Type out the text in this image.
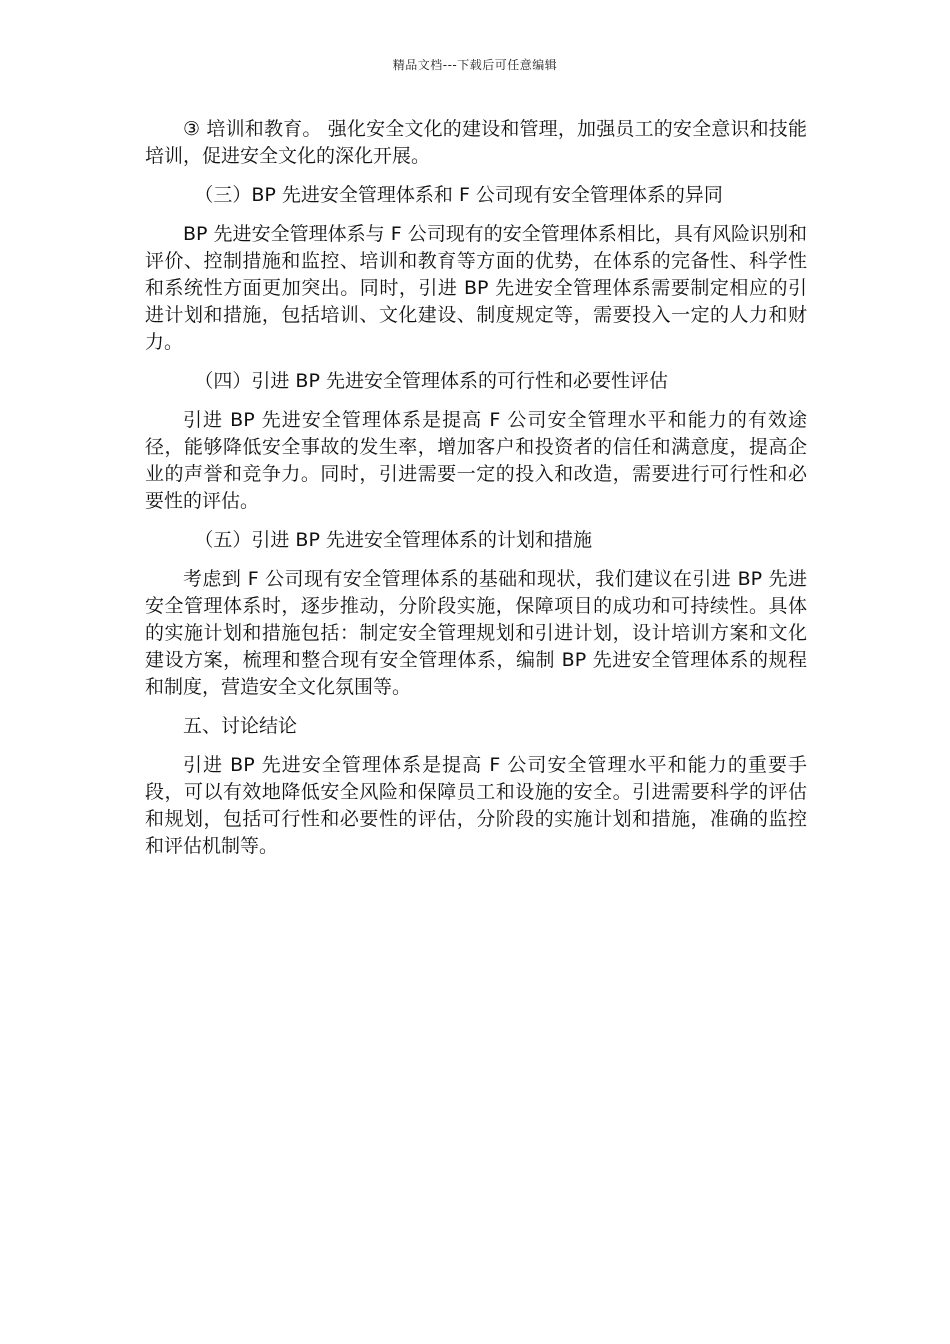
精品文档---下载后可任意编辑

③ 培训和教育。 强化安全文化的建设和管理，加强员工的安全意识和技能培训，促进安全文化的深化开展。

（三）BP 先进安全管理体系和 F 公司现有安全管理体系的异同

BP 先进安全管理体系与 F 公司现有的安全管理体系相比，具有风险识别和评价、控制措施和监控、培训和教育等方面的优势，在体系的完备性、科学性和系统性方面更加突出。同时，引进 BP 先进安全管理体系需要制定相应的引进计划和措施，包括培训、文化建设、制度规定等，需要投入一定的人力和财力。

（四）引进 BP 先进安全管理体系的可行性和必要性评估

引进 BP 先进安全管理体系是提高 F 公司安全管理水平和能力的有效途径，能够降低安全事故的发生率，增加客户和投资者的信任和满意度，提高企业的声誉和竞争力。同时，引进需要一定的投入和改造，需要进行可行性和必要性的评估。

（五）引进 BP 先进安全管理体系的计划和措施

考虑到 F 公司现有安全管理体系的基础和现状，我们建议在引进 BP 先进安全管理体系时，逐步推动，分阶段实施，保障项目的成功和可持续性。具体的实施计划和措施包括：制定安全管理规划和引进计划，设计培训方案和文化建设方案，梳理和整合现有安全管理体系，编制 BP 先进安全管理体系的规程和制度，营造安全文化氛围等。

五、讨论结论

引进 BP 先进安全管理体系是提高 F 公司安全管理水平和能力的重要手段，可以有效地降低安全风险和保障员工和设施的安全。引进需要科学的评估和规划，包括可行性和必要性的评估，分阶段的实施计划和措施，准确的监控和评估机制等。
